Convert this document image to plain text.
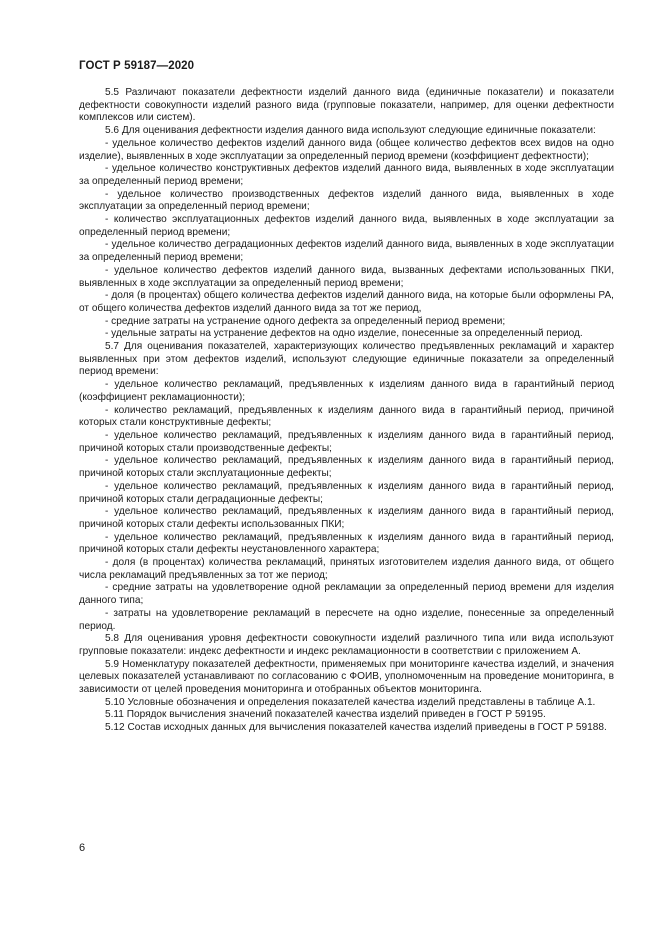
ГОСТ Р 59187—2020

5.5 Различают показатели дефектности изделий данного вида (единичные показатели) и показатели дефектности совокупности изделий разного вида (групповые показатели, например, для оценки дефектности комплексов или систем).

5.6 Для оценивания дефектности изделия данного вида используют следующие единичные показатели:

- удельное количество дефектов изделий данного вида (общее количество дефектов всех видов на одно изделие), выявленных в ходе эксплуатации за определенный период времени (коэффициент дефектности);

- удельное количество конструктивных дефектов изделий данного вида, выявленных в ходе эксплуатации за определенный период времени;

- удельное количество производственных дефектов изделий данного вида, выявленных в ходе эксплуатации за определенный период времени;

- количество эксплуатационных дефектов изделий данного вида, выявленных в ходе эксплуатации за определенный период времени;

- удельное количество деградационных дефектов изделий данного вида, выявленных в ходе эксплуатации за определенный период времени;

- удельное количество дефектов изделий данного вида, вызванных дефектами использованных ПКИ, выявленных в ходе эксплуатации за определенный период времени;

- доля (в процентах) общего количества дефектов изделий данного вида, на которые были оформлены РА, от общего количества дефектов изделий данного вида за тот же период,

- средние затраты на устранение одного дефекта за определенный период времени;

- удельные затраты на устранение дефектов на одно изделие, понесенные за определенный период.

5.7 Для оценивания показателей, характеризующих количество предъявленных рекламаций и характер выявленных при этом дефектов изделий, используют следующие единичные показатели за определенный период времени:

- удельное количество рекламаций, предъявленных к изделиям данного вида в гарантийный период (коэффициент рекламационности);

- количество рекламаций, предъявленных к изделиям данного вида в гарантийный период, причиной которых стали конструктивные дефекты;

- удельное количество рекламаций, предъявленных к изделиям данного вида в гарантийный период, причиной которых стали производственные дефекты;

- удельное количество рекламаций, предъявленных к изделиям данного вида в гарантийный период, причиной которых стали эксплуатационные дефекты;

- удельное количество рекламаций, предъявленных к изделиям данного вида в гарантийный период, причиной которых стали деградационные дефекты;

- удельное количество рекламаций, предъявленных к изделиям данного вида в гарантийный период, причиной которых стали дефекты использованных ПКИ;

- удельное количество рекламаций, предъявленных к изделиям данного вида в гарантийный период, причиной которых стали дефекты неустановленного характера;

- доля (в процентах) количества рекламаций, принятых изготовителем изделия данного вида, от общего числа рекламаций предъявленных за тот же период;

- средние затраты на удовлетворение одной рекламации за определенный период времени для изделия данного типа;

- затраты на удовлетворение рекламаций в пересчете на одно изделие, понесенные за определенный период.

5.8 Для оценивания уровня дефектности совокупности изделий различного типа или вида используют групповые показатели: индекс дефектности и индекс рекламационности в соответствии с приложением А.

5.9 Номенклатуру показателей дефектности, применяемых при мониторинге качества изделий, и значения целевых показателей устанавливают по согласованию с ФОИВ, уполномоченным на проведение мониторинга, в зависимости от целей проведения мониторинга и отобранных объектов мониторинга.

5.10 Условные обозначения и определения показателей качества изделий представлены в таблице А.1.

5.11 Порядок вычисления значений показателей качества изделий приведен в ГОСТ Р 59195.

5.12 Состав исходных данных для вычисления показателей качества изделий приведены в ГОСТ Р 59188.

6
